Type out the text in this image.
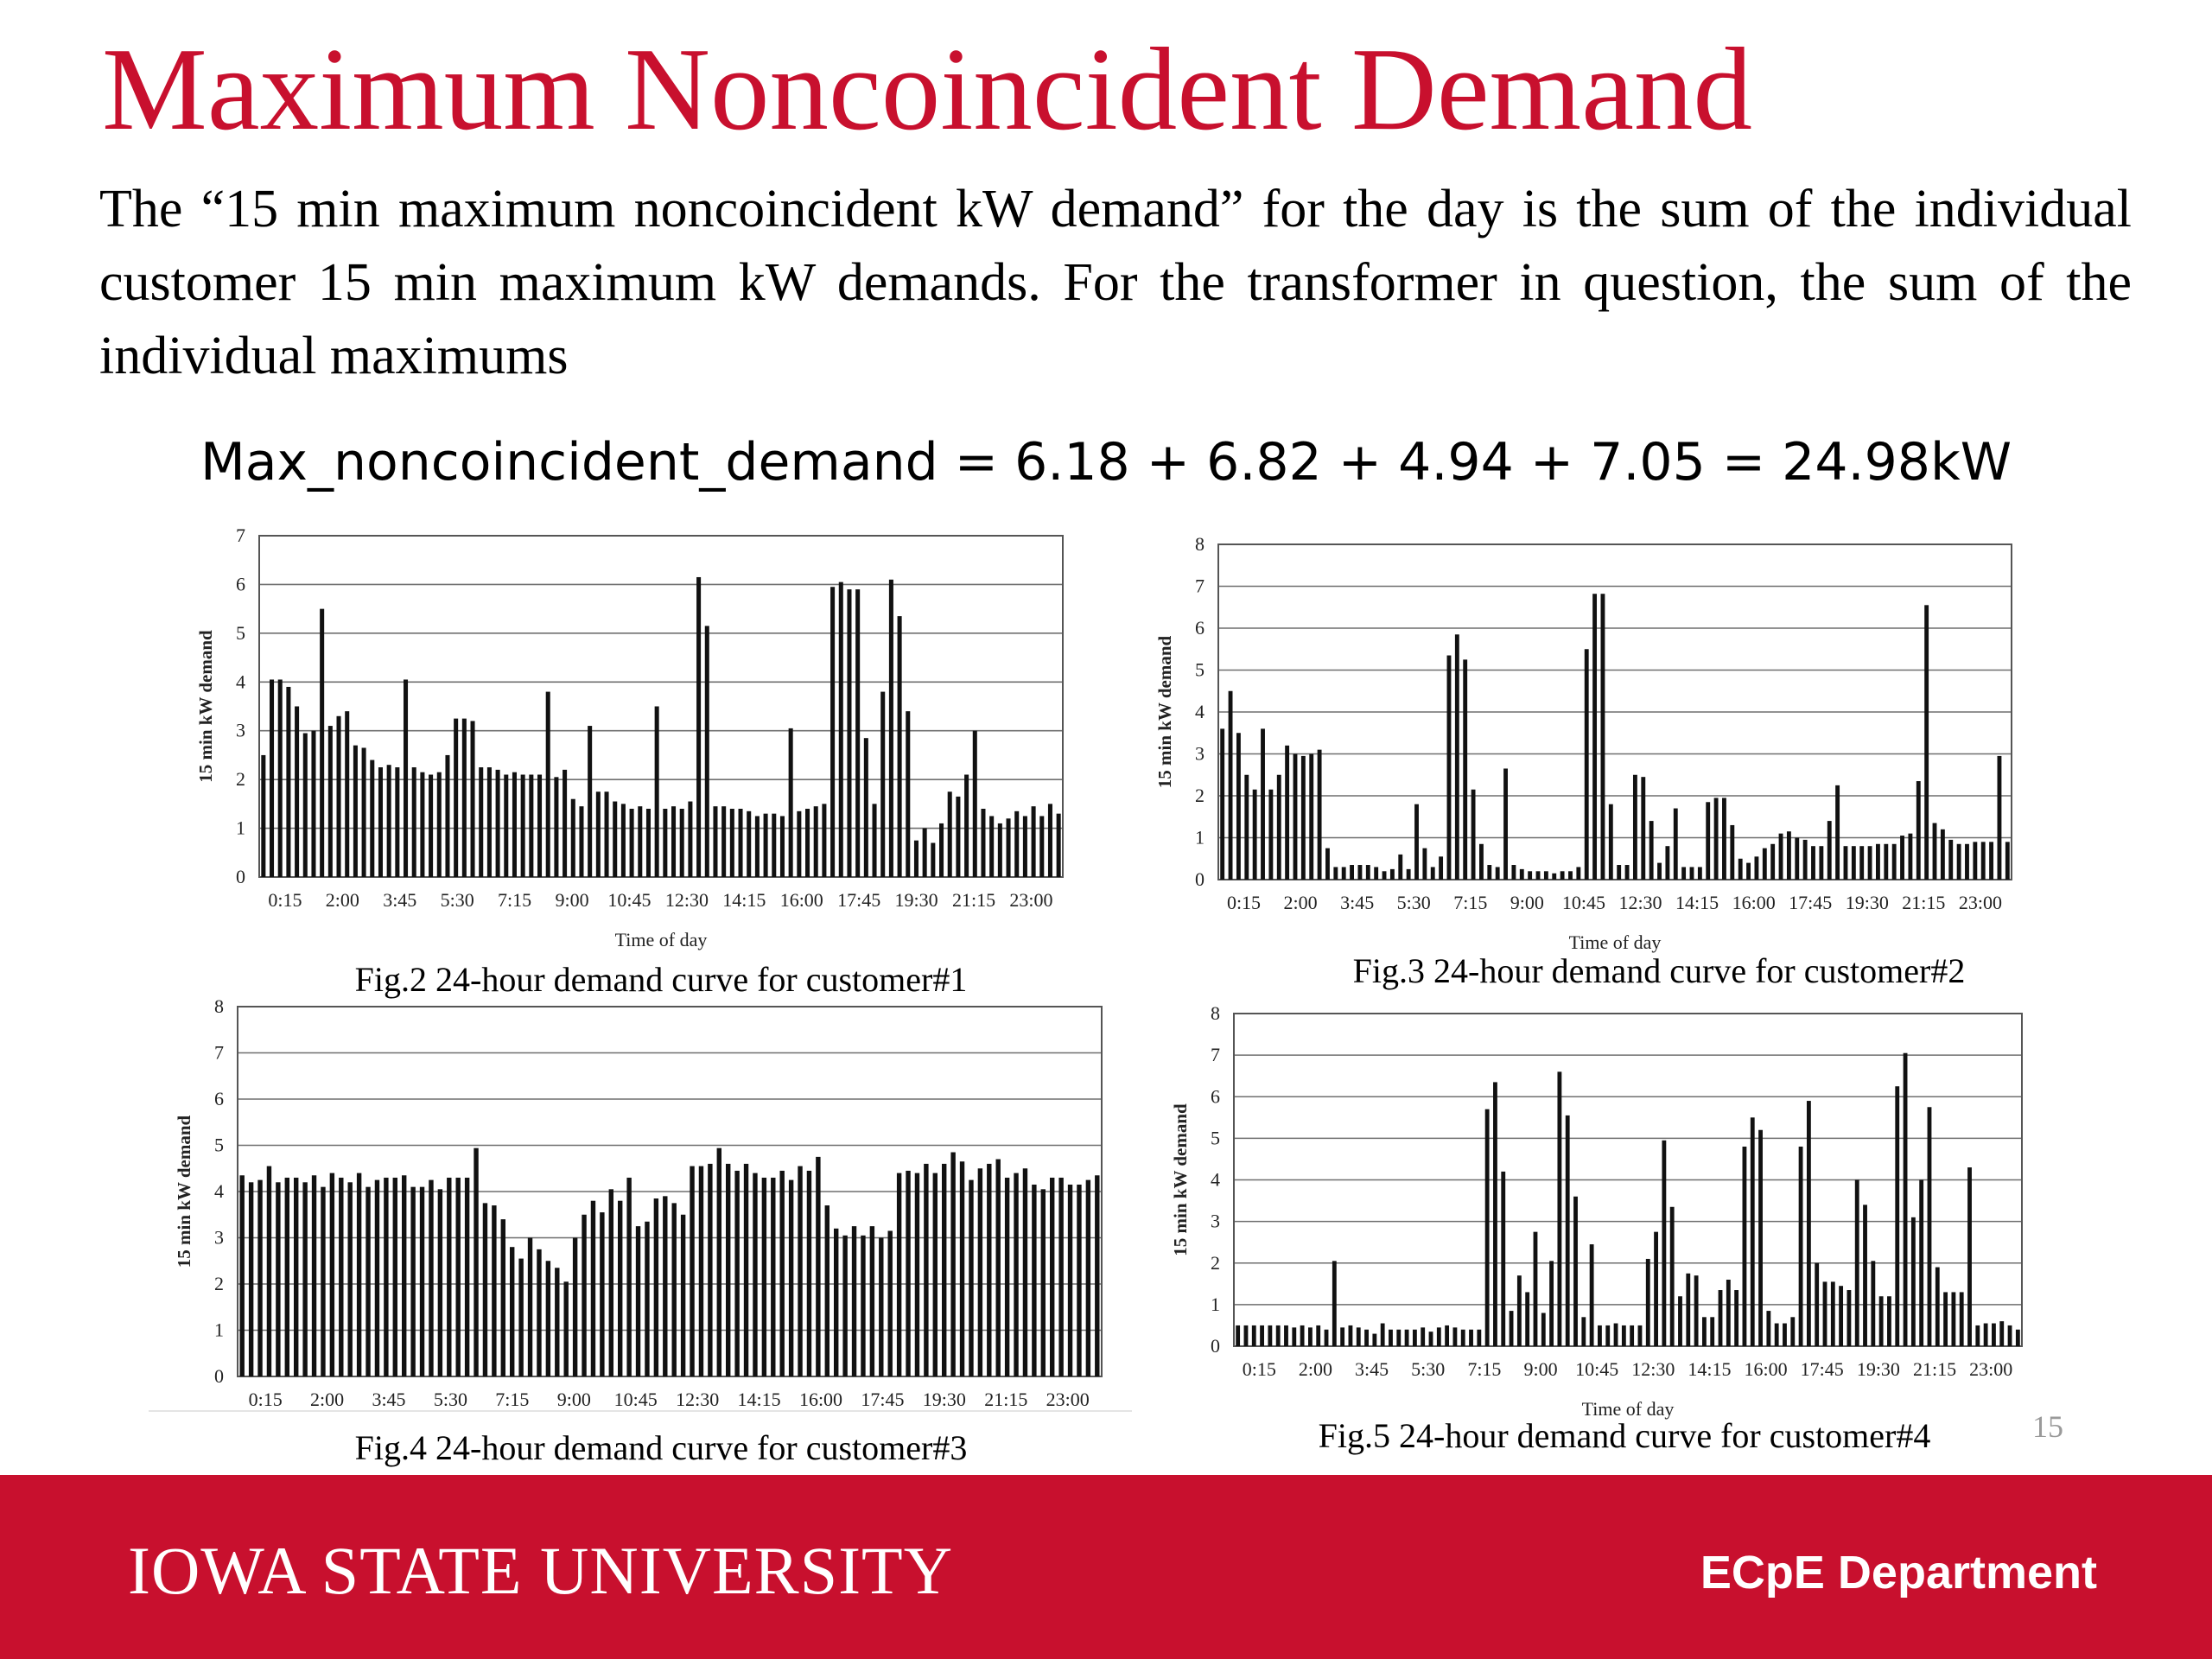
Maximum Noncoincident Demand

The “15 min maximum noncoincident kW demand” for the day is the sum of the individual customer 15 min maximum kW demands. For the transformer in question, the sum of the individual maximums

Max_noncoincident_demand = 6.18 + 6.82 + 4.94 + 7.05 = 24.98kW
0
1
2
3
4
5
6
7
0:15 2:00 3:45 5:30 7:15 9:00 10:45 12:30 14:15 16:00 17:45 19:30 21:15 23:00
Time of day
15 min kW demand
0
1
2
3
4
5
6
7
8
0:15 2:00 3:45 5:30 7:15 9:00 10:45 12:30 14:15 16:00 17:45 19:30 21:15 23:00
Time of day
15 min kW demand
0
1
2
3
4
5
6
7
8
0:15 2:00 3:45 5:30 7:15 9:00 10:45 12:30 14:15 16:00 17:45 19:30 21:15 23:00
15 min kW demand
0
1
2
3
4
5
6
7
8
0:15 2:00 3:45 5:30 7:15 9:00 10:45 12:30 14:15 16:00 17:45 19:30 21:15 23:00
Time of day
15 min kW demand
Fig.2 24-hour demand curve for customer#1	Fig.3 24-hour demand curve for customer#2
Fig.4 24-hour demand curve for customer#3	Fig.5 24-hour demand curve for customer#4	15
IOWA STATE UNIVERSITY	ECpE Department
